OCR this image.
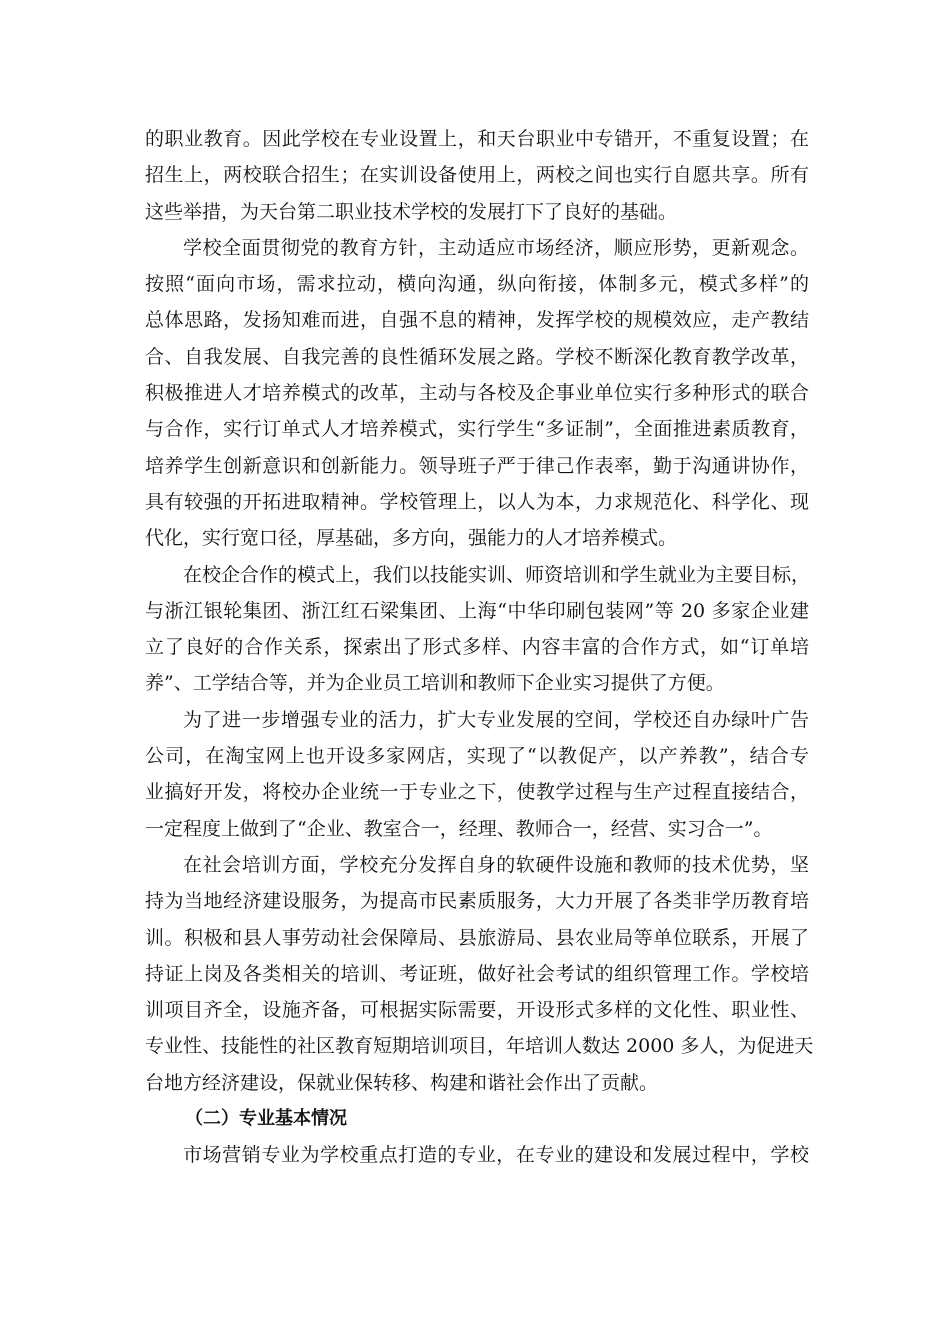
的职业教育。因此学校在专业设置上，和天台职业中专错开，不重复设置；在
招生上，两校联合招生；在实训设备使用上，两校之间也实行自愿共享。所有
这些举措，为天台第二职业技术学校的发展打下了良好的基础。
学校全面贯彻党的教育方针，主动适应市场经济，顺应形势，更新观念。
按照“面向市场，需求拉动，横向沟通，纵向衔接，体制多元，模式多样”的
总体思路，发扬知难而进，自强不息的精神，发挥学校的规模效应，走产教结
合、自我发展、自我完善的良性循环发展之路。学校不断深化教育教学改革，
积极推进人才培养模式的改革，主动与各校及企事业单位实行多种形式的联合
与合作，实行订单式人才培养模式，实行学生“多证制”，全面推进素质教育，
培养学生创新意识和创新能力。领导班子严于律己作表率，勤于沟通讲协作，
具有较强的开拓进取精神。学校管理上，以人为本，力求规范化、科学化、现
代化，实行宽口径，厚基础，多方向，强能力的人才培养模式。
在校企合作的模式上，我们以技能实训、师资培训和学生就业为主要目标，
与浙江银轮集团、浙江红石梁集团、上海“中华印刷包装网”等 20 多家企业建
立了良好的合作关系，探索出了形式多样、内容丰富的合作方式，如“订单培
养”、工学结合等，并为企业员工培训和教师下企业实习提供了方便。
为了进一步增强专业的活力，扩大专业发展的空间，学校还自办绿叶广告
公司，在淘宝网上也开设多家网店，实现了“以教促产，以产养教”，结合专
业搞好开发，将校办企业统一于专业之下，使教学过程与生产过程直接结合，
一定程度上做到了“企业、教室合一，经理、教师合一，经营、实习合一”。
在社会培训方面，学校充分发挥自身的软硬件设施和教师的技术优势，坚
持为当地经济建设服务，为提高市民素质服务，大力开展了各类非学历教育培
训。积极和县人事劳动社会保障局、县旅游局、县农业局等单位联系，开展了
持证上岗及各类相关的培训、考证班，做好社会考试的组织管理工作。学校培
训项目齐全，设施齐备，可根据实际需要，开设形式多样的文化性、职业性、
专业性、技能性的社区教育短期培训项目，年培训人数达 2000 多人，为促进天
台地方经济建设，保就业保转移、构建和谐社会作出了贡献。
（二）专业基本情况
市场营销专业为学校重点打造的专业，在专业的建设和发展过程中，学校
